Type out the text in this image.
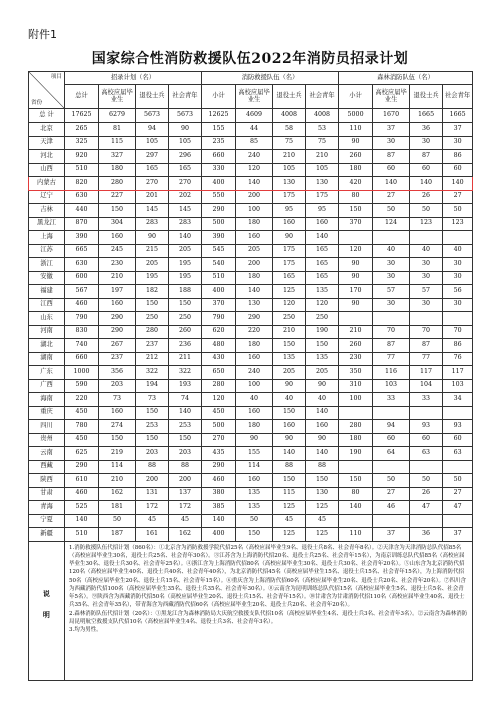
附件1
国家综合性消防救援队伍2022年消防员招录计划
项目
省份	招录计划（名）				消防救援队伍（名）				森林消防队伍（名）			
	总计	高校应届毕业生	退役士兵	社会青年	小计	高校应届毕业生	退役士兵	社会青年	小计	高校应届毕业生	退役士兵	社会青年
总 计	17625	6279	5673	5673	12625	4609	4008	4008	5000	1670	1665	1665
北京	265	81	94	90	155	44	58	53	110	37	36	37
天津	325	115	105	105	235	85	75	75	90	30	30	30
河北	920	327	297	296	660	240	210	210	260	87	87	86
山西	510	180	165	165	330	120	105	105	180	60	60	60
内蒙古	820	280	270	270	400	140	130	130	420	140	140	140
辽宁	630	227	201	202	550	200	175	175	80	27	26	27
吉林	440	150	145	145	290	100	95	95	150	50	50	50
黑龙江	870	304	283	283	500	180	160	160	370	124	123	123
上海	390	160	90	140	390	160	90	140				
江苏	665	245	215	205	545	205	175	165	120	40	40	40
浙江	630	230	205	195	540	200	175	165	90	30	30	30
安徽	600	210	195	195	510	180	165	165	90	30	30	30
福建	567	197	182	188	400	140	125	135	170	57	57	56
江西	460	160	150	150	370	130	120	120	90	30	30	30
山东	790	290	250	250	790	290	250	250				
河南	830	290	280	260	620	220	210	190	210	70	70	70
湖北	740	267	237	236	480	180	150	150	260	87	87	86
湖南	660	237	212	211	430	160	135	135	230	77	77	76
广东	1000	356	322	322	650	240	205	205	350	116	117	117
广西	590	203	194	193	280	100	90	90	310	103	104	103
海南	220	73	73	74	120	40	40	40	100	33	33	34
重庆	450	160	150	140	450	160	150	140				
四川	780	274	253	253	500	180	160	160	280	94	93	93
贵州	450	150	150	150	270	90	90	90	180	60	60	60
云南	625	219	203	203	435	155	140	140	190	64	63	63
西藏	290	114	88	88	290	114	88	88				
陕西	610	210	200	200	460	160	150	150	150	50	50	50
甘肃	460	162	131	137	380	135	115	130	80	27	26	27
青海	525	181	172	172	385	135	125	125	140	46	47	47
宁夏	140	50	45	45	140	50	45	45				
新疆	510	187	161	162	400	150	125	125	110	37	36	37
说明	1.消防救援队伍代招计划（860名）：①北京含为消防救援学院代招25名（高校应届毕业生9名、退役士兵8名、社会青年8名）。②天津含为天津消防总队代招85名（高校应届毕业生30名，退役士兵25名、社会青年30名）。③江苏含为上海消防代招20名、退役士兵25名、社会青年15名），为南京训练总队代招85名（高校应届毕业生30名、退役士兵30名、社会青年25名）。④浙江含为上海消防代招80名（高校应届毕业生30名、退役士兵30名、社会青年20名）。⑤山东含为北京消防代招120名（高校应届毕业生40名、退役士兵40名、社会青年40名），为北京消防代招45名（高校应届毕业生15名、退役士兵15名、社会青年15名），为上海消防代招50名（高校应届毕业生20名、退役士兵15名、社会青年15名）。⑥重庆含为上海消防代招60名（高校应届毕业生20名、退役士兵20名、社会青年20名）。⑦四川含为西藏消防代招100名（高校应届毕业生35名、退役士兵35名、社会青年30名）。⑧云南含为昆明训练总队代招15名（高校应届毕业生5名、退役士兵5名、社会青年5名）。⑨陕西含为西藏消防代招50名（高校应届毕业生20名、退役士兵15名、社会青年15名）。⑩甘肃含为甘肃消防代招110名（高校应届毕业生40名、退役士兵35名、社会青年35名），带青海含为西藏消防代招60名（高校应届毕业生20名、退役士兵20名、社会青年20名）。
2.森林消防队伍代招计划（20名）：①黑龙江含为森林消防局大庆航空救援支队代招10名（高校应届毕业生4名、退役士兵3名、社会青年3名）。②云南含为森林消防局昆明航空救援支队代招10名（高校应届毕业生4名、退役士兵3名、社会青年3名）。
3.均为男性。											
